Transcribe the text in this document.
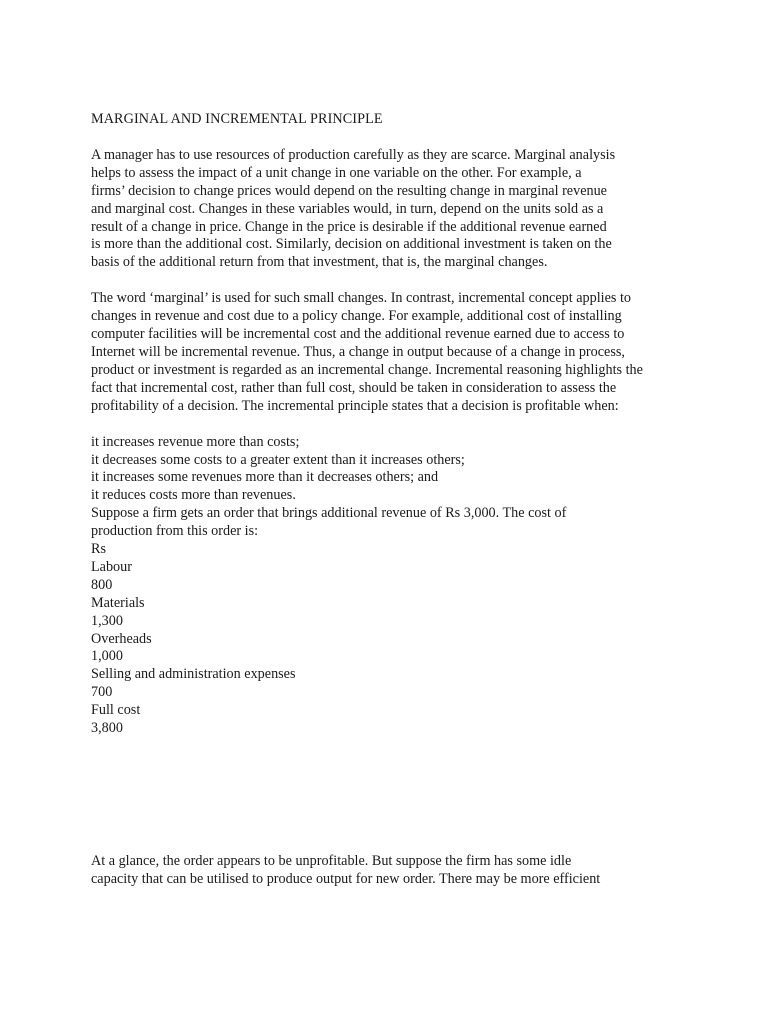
MARGINAL AND INCREMENTAL PRINCIPLE

A manager has to use resources of production carefully as they are scarce. Marginal analysis
helps to assess the impact of a unit change in one variable on the other. For example, a
firms’ decision to change prices would depend on the resulting change in marginal revenue
and marginal cost. Changes in these variables would, in turn, depend on the units sold as a
result of a change in price. Change in the price is desirable if the additional revenue earned
is more than the additional cost. Similarly, decision on additional investment is taken on the
basis of the additional return from that investment, that is, the marginal changes.

The word ‘marginal’ is used for such small changes. In contrast, incremental concept applies to
changes in revenue and cost due to a policy change. For example, additional cost of installing
computer facilities will be incremental cost and the additional revenue earned due to access to
Internet will be incremental revenue. Thus, a change in output because of a change in process,
product or investment is regarded as an incremental change. Incremental reasoning highlights the
fact that incremental cost, rather than full cost, should be taken in consideration to assess the
profitability of a decision. The incremental principle states that a decision is profitable when:

it increases revenue more than costs;
it decreases some costs to a greater extent than it increases others;
it increases some revenues more than it decreases others; and
it reduces costs more than revenues.
Suppose a firm gets an order that brings additional revenue of Rs 3,000. The cost of
production from this order is:
Rs
Labour
800
Materials
1,300
Overheads
1,000
Selling and administration expenses
700
Full cost
3,800

At a glance, the order appears to be unprofitable. But suppose the firm has some idle
capacity that can be utilised to produce output for new order. There may be more efficient
